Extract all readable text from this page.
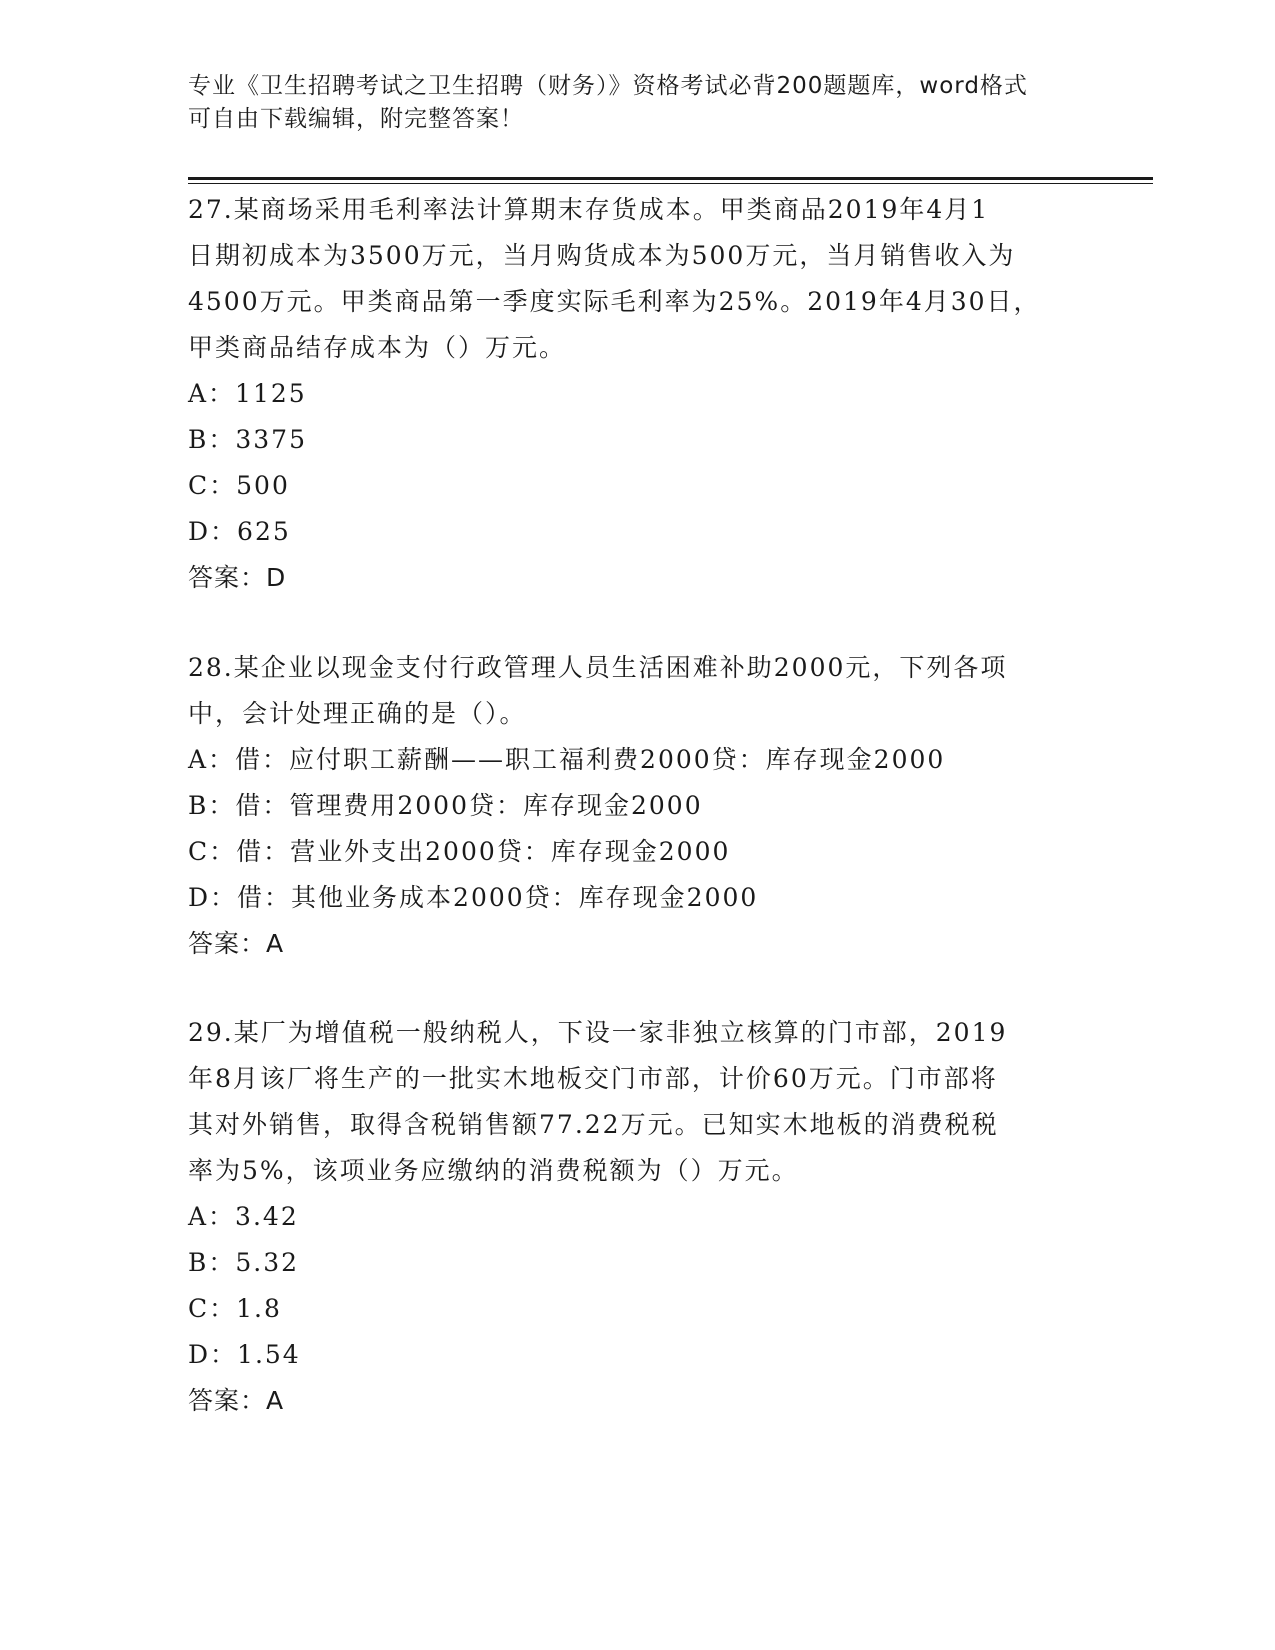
专业《卫生招聘考试之卫生招聘（财务）》资格考试必背200题题库，word格式
可自由下载编辑，附完整答案！
27.某商场采用毛利率法计算期末存货成本。甲类商品2019年4月1
日期初成本为3500万元，当月购货成本为500万元，当月销售收入为
4500万元。甲类商品第一季度实际毛利率为25%。2019年4月30日，
甲类商品结存成本为（）万元。
A：1125
B：3375
C：500
D：625
答案：D
28.某企业以现金支付行政管理人员生活困难补助2000元，下列各项
中，会计处理正确的是（）。
A：借：应付职工薪酬——职工福利费2000贷：库存现金2000
B：借：管理费用2000贷：库存现金2000
C：借：营业外支出2000贷：库存现金2000
D：借：其他业务成本2000贷：库存现金2000
答案：A
29.某厂为增值税一般纳税人，下设一家非独立核算的门市部，2019
年8月该厂将生产的一批实木地板交门市部，计价60万元。门市部将
其对外销售，取得含税销售额77.22万元。已知实木地板的消费税税
率为5%，该项业务应缴纳的消费税额为（）万元。
A：3.42
B：5.32
C：1.8
D：1.54
答案：A
